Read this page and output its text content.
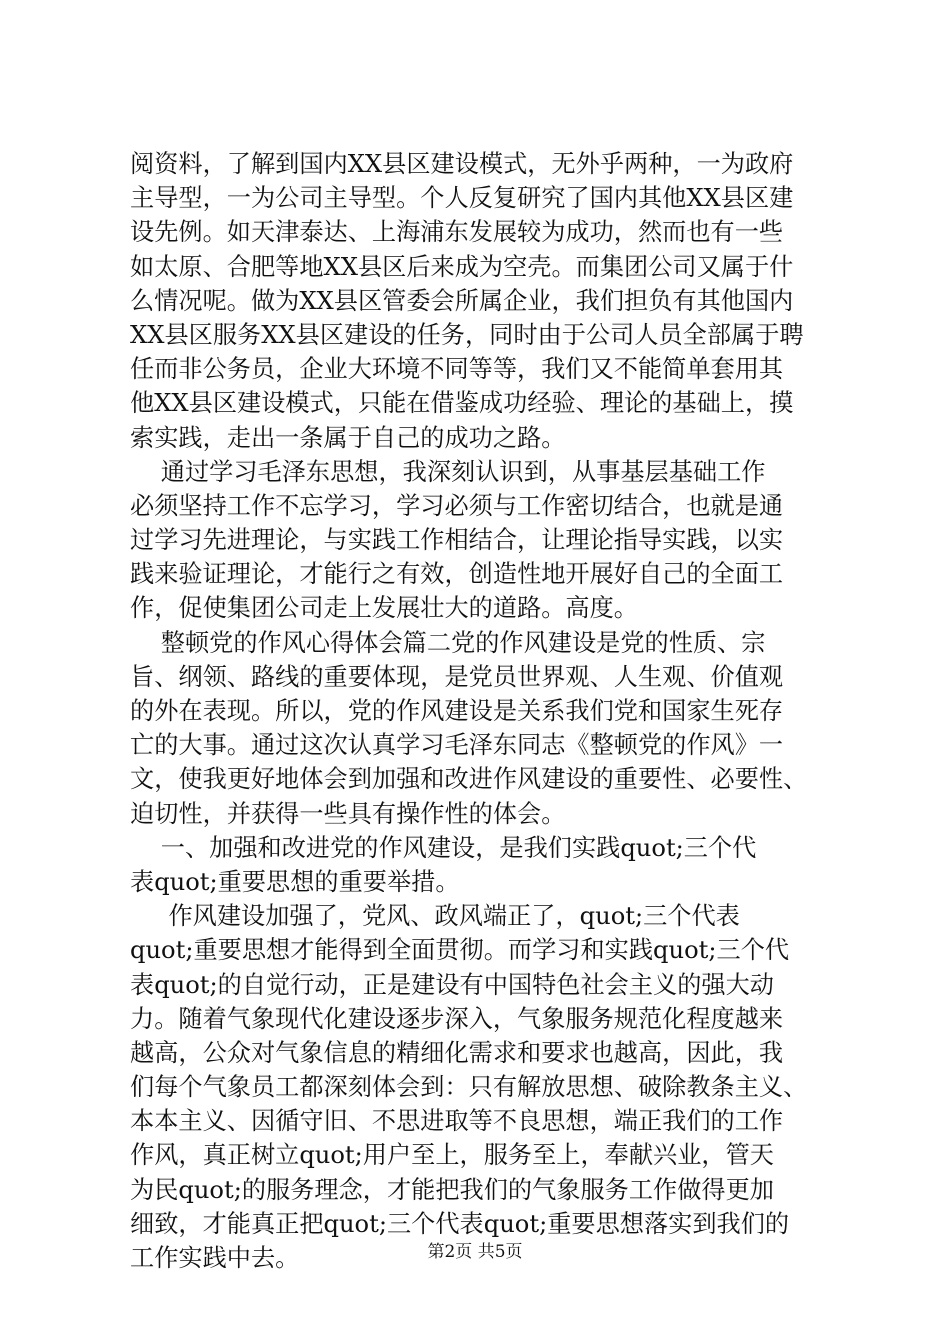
阅资料，了解到国内XX县区建设模式，无外乎两种，一为政府
主导型，一为公司主导型。个人反复研究了国内其他XX县区建
设先例。如天津泰达、上海浦东发展较为成功，然而也有一些
如太原、合肥等地XX县区后来成为空壳。而集团公司又属于什
么情况呢。做为XX县区管委会所属企业，我们担负有其他国内
XX县区服务XX县区建设的任务，同时由于公司人员全部属于聘
任而非公务员，企业大环境不同等等，我们又不能简单套用其
他XX县区建设模式，只能在借鉴成功经验、理论的基础上，摸
索实践，走出一条属于自己的成功之路。
通过学习毛泽东思想，我深刻认识到，从事基层基础工作
必须坚持工作不忘学习，学习必须与工作密切结合，也就是通
过学习先进理论，与实践工作相结合，让理论指导实践，以实
践来验证理论，才能行之有效，创造性地开展好自己的全面工
作，促使集团公司走上发展壮大的道路。高度。
整顿党的作风心得体会篇二党的作风建设是党的性质、宗
旨、纲领、路线的重要体现，是党员世界观、人生观、价值观
的外在表现。所以，党的作风建设是关系我们党和国家生死存
亡的大事。通过这次认真学习毛泽东同志《整顿党的作风》一
文，使我更好地体会到加强和改进作风建设的重要性、必要性、
迫切性，并获得一些具有操作性的体会。
一、加强和改进党的作风建设，是我们实践quot;三个代
表quot;重要思想的重要举措。
作风建设加强了，党风、政风端正了，quot;三个代表
quot;重要思想才能得到全面贯彻。而学习和实践quot;三个代
表quot;的自觉行动，正是建设有中国特色社会主义的强大动
力。随着气象现代化建设逐步深入，气象服务规范化程度越来
越高，公众对气象信息的精细化需求和要求也越高，因此，我
们每个气象员工都深刻体会到：只有解放思想、破除教条主义、
本本主义、因循守旧、不思进取等不良思想，端正我们的工作
作风，真正树立quot;用户至上，服务至上，奉献兴业，管天
为民quot;的服务理念，才能把我们的气象服务工作做得更加
细致，才能真正把quot;三个代表quot;重要思想落实到我们的
工作实践中去。	第2页 共5页
